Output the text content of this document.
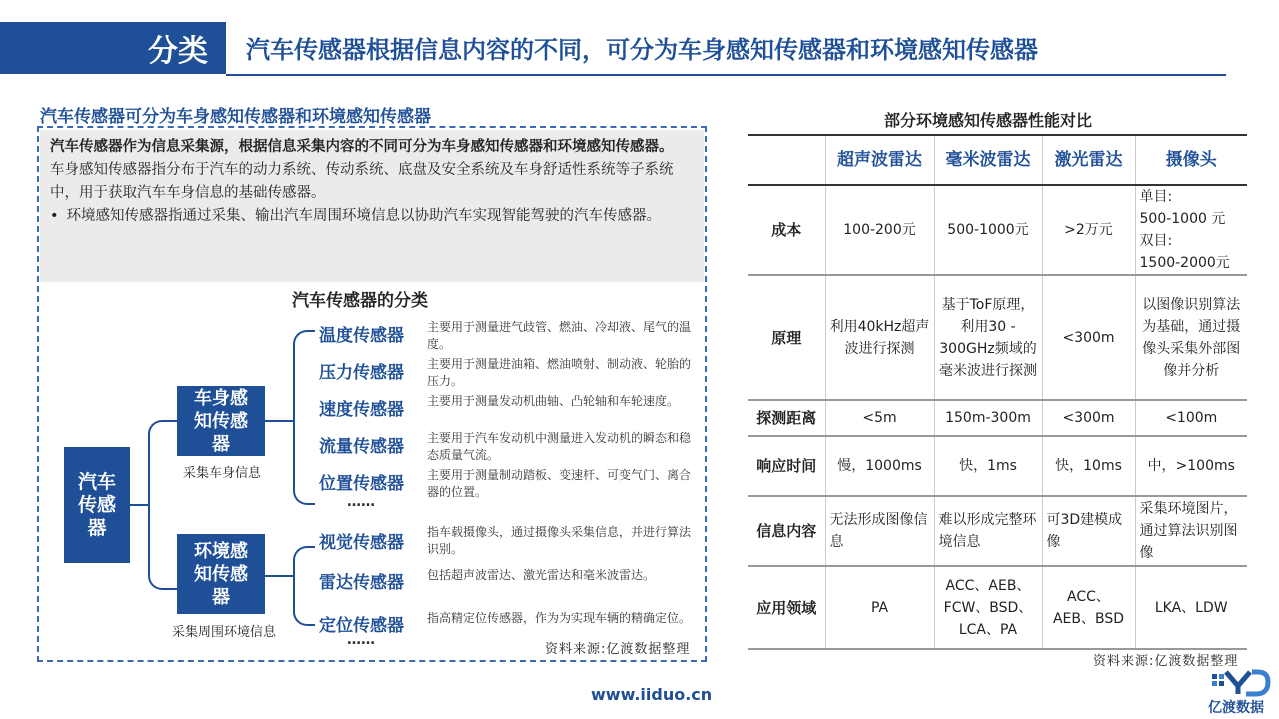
分类	汽车传感器根据信息内容的不同，可分为车身感知传感器和环境感知传感器
汽车传感器可分为车身感知传感器和环境感知传感器

汽车传感器作为信息采集源，根据信息采集内容的不同可分为车身感知传感器和环境感知传感器。

车身感知传感器指分布于汽车的动力系统、传动系统、底盘及安全系统及车身舒适性系统等子系统中，用于获取汽车车身信息的基础传感器。

• 环境感知传感器指通过采集、输出汽车周围环境信息以协助汽车实现智能驾驶的汽车传感器。

汽车传感器的分类
汽车传感器
车身感知传感器
采集车身信息
环境感知传感器
采集周围环境信息
温度传感器 主要用于测量进气歧管、燃油、冷却液、尾气的温度。
压力传感器 主要用于测量进油箱、燃油喷射、制动液、轮胎的压力。
速度传感器 主要用于测量发动机曲轴、凸轮轴和车轮速度。
流量传感器 主要用于汽车发动机中测量进入发动机的瞬态和稳态质量气流。
位置传感器 主要用于测量制动踏板、变速杆、可变气门、离合器的位置。
……
视觉传感器
指车载摄像头，通过摄像头采集信息，并进行算法识别。
雷达传感器 包括超声波雷达、激光雷达和毫米波雷达。
定位传感器 指高精定位传感器，作为为实现车辆的精确定位。
……
资料来源:亿渡数据整理
部分环境感知传感器性能对比
	超声波雷达	毫米波雷达	激光雷达	摄像头
成本	100-200元	500-1000元	>2万元	单目:
500-1000 元
双目:
1500-2000元
原理	利用40kHz超声波进行探测	基于ToF原理，利用30 - 300GHz频域的毫米波进行探测	<300m	以图像识别算法为基础，通过摄像头采集外部图像并分析
探测距离	<5m	150m-300m	<300m	<100m
响应时间	慢，1000ms	快，1ms	快，10ms	中，>100ms
信息内容	无法形成图像信息	难以形成完整环境信息	可3D建模成像	采集环境图片，通过算法识别图像
应用领域	PA	ACC、AEB、FCW、BSD、LCA、PA	ACC、AEB、BSD	LKA、LDW
资料来源:亿渡数据整理
www.iiduo.cn
亿渡数据
